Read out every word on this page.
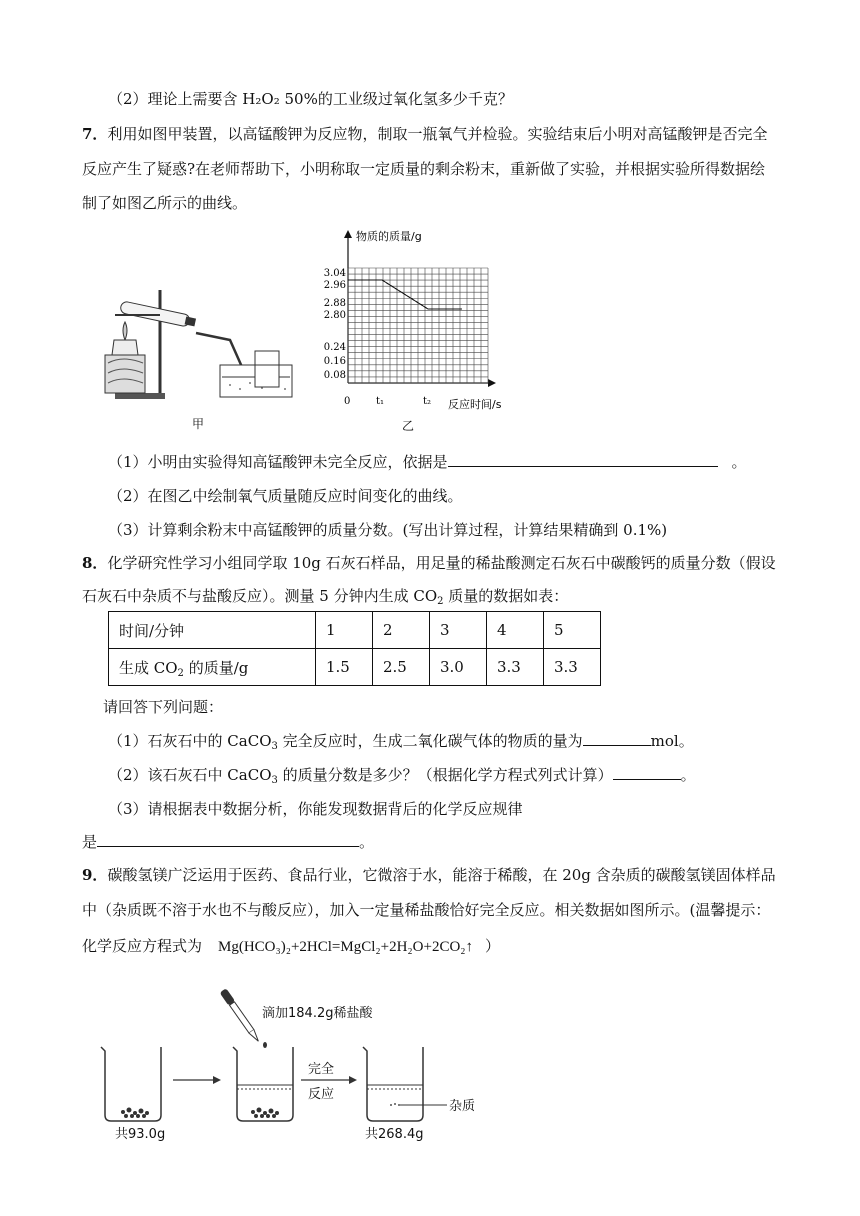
（2）理论上需要含 H₂O₂ 50%的工业级过氧化氢多少千克？
7．利用如图甲装置，以高锰酸钾为反应物，制取一瓶氧气并检验。实验结束后小明对高锰酸钾是否完全
反应产生了疑惑?在老师帮助下，小明称取一定质量的剩余粉末，重新做了实验，并根据实验所得数据绘
制了如图乙所示的曲线。
甲
物质的质量/g
反应时间/s
3.04
2.96
2.88
2.80
0.24
0.16
0.08
0	t₁	t₂
乙
（1）小明由实验得知高锰酸钾未完全反应，依据是	。
（2）在图乙中绘制氧气质量随反应时间变化的曲线。
（3）计算剩余粉末中高锰酸钾的质量分数。(写出计算过程，计算结果精确到 0.1%)
8．化学研究性学习小组同学取 10g 石灰石样品，用足量的稀盐酸测定石灰石中碳酸钙的质量分数（假设
石灰石中杂质不与盐酸反应）。测量 5 分钟内生成 $CO_2$ 质量的数据如表：
时间/分钟	1	2	3	4	5
生成 $CO_2$ 的质量/g	1.5	2.5	3.0	3.3	3.3
请回答下列问题：
（1）石灰石中的 CaCO$_3$ 完全反应时，生成二氧化碳气体的物质的量为	mol。
（2）该石灰石中 CaCO$_3$ 的质量分数是多少？（根据化学方程式列式计算）	。
（3）请根据表中数据分析，你能发现数据背后的化学反应规律
是	。
9．碳酸氢镁广泛运用于医药、食品行业，它微溶于水，能溶于稀酸，在 20g 含杂质的碳酸氢镁固体样品
中（杂质既不溶于水也不与酸反应），加入一定量稀盐酸恰好完全反应。相关数据如图所示。(温馨提示：
化学反应方程式为 Mg(HCO₃)₂+2HCl=MgCl₂+2H₂O+2CO₂↑ ）
滴加184.2g稀盐酸
完全
反应
杂质
共93.0g	共268.4g
